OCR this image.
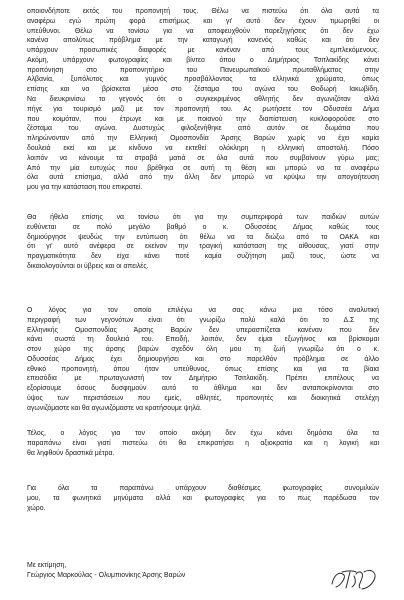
οποιονδήποτε εκτός του προπονητή τους. Θέλω να πιστεύω ότι όλα αυτά τα
αναφέρω εγώ πρώτη φορά επισήμως και γι' αυτό δεν έχουν τιμωρηθεί οι
υπεύθυνοι. Θέλω να τονίσω για να αποφευχθούν παρεξηγήσεις ότι δεν έχω
κανένα απολύτως πρόβλημα με την καταγωγή κανενός καθώς και ότι δεν
υπάρχουν προσωπικές διαφορές με κανέναν από τους εμπλεκόμενους.
Ακόμη, υπάρχουν φωτογραφίες και βίντεο όπου ο Δημήτριος Τσιτλακίδης κάνει
προπόνηση στο προπονητήριο του Πανευρωπαϊκού πρωταθλήματος στην
Αλβανία, ξυπόλυτος και γυμνός προσβάλλοντας τα ελληνικά χρώματα, όπως
επίσης και να βρίσκεται μέσα στο ζέσταμα του αγώνα του Θοδωρή Ιακωβίδη.
Να διευκρινίσω το γεγονός ότι ο συγκεκριμένος αθλητής δεν αγωνιζόταν αλλά
πήγε για τουρισμό μαζί με τον προπονητή του. Ας ρωτήσετε τον Οδυσσέα Δήμα
που κοιμόταν, που έτρωγε και με ποιανού την διαπίστευση κυκλοφορούσε στο
ζέσταμα του αγώνα. Δυστυχώς φιλοξενήθηκε από αυτόν σε δωμάτια που
πληρώνονταν από την Ελληνική Ομοσπονδία Άρσης Βαρών χωρίς να έχει καμία
δουλειά εκεί και με κίνδυνο να εκτεθεί ολόκληρη η ελληνική αποστολή. Πόσο
λοιπόν να κάνουμε τα στραβά ματιά σε όλα αυτά που συμβαίνουν γύρω μας;
Από την μία ευτυχώς που βρέθηκα σε αυτή τη θέση και μπορώ να τα αναφέρω
όλα αυτά επίσημα, αλλά από την άλλη δεν μπορώ να κρύψω την απογοήτευση
μου για την κατάσταση που επικρατεί.
Θα ήθελα επίσης να τονίσω ότι για την συμπεριφορά των παιδιών αυτών
ευθύνεται σε πολύ μεγάλο βαθμό ο κ. Οδυσσέας Δήμας καθώς τους
δημιούργησε ψευδώς την εντύπωση ότι θέλω να τα διώξω από το ΟΑΚΑ και
ότι γι' αυτό ανέφερα σε εκείνον την τραγική κατάσταση της αίθουσας, γιατί στην
πραγματικότητα δεν είχα κάνει ποτέ καμία συζήτηση μαζί τους, ώστε να
δικαιολογούνται οι ύβρεις και οι απειλές.
Ο λόγος για τον οποίο επιλέγω να σας κάνω μια τόσο αναλυτική
περιγραφή των γεγονότων είναι ότι γνωρίζω πολύ καλά ότι το Δ.Σ της
Ελληνικής Ομοσπονδίας Άρσης Βαρών δεν υπερασπίζεται κανέναν που δεν
κάνει σωστά τη δουλειά του. Επειδή, λοιπόν, δεν είμαι εξωγήινος και βρίσκομαι
στον χώρο της άρσης βαρών σχεδόν όλη μου τη ζωή γνωρίζω ότι ο κ.
Οδυσσέας Δήμας έχει δημιουργήσει και στο παρελθόν πρόβλημα σε άλλο
εθνικό προπονητή, όπου ήταν υπεύθυνος, όπως επίσης και για τα βίαια
επεισόδια με πρωταγωνιστή τον Δημήτριο Τσιτλακίδη. Πρέπει επιτέλους να
εξορίσουμε όσους δυσφημούν αυτό το άθλημα και δεν ανταποκρίνονται στο
ύψος των περιστάσεων που εμείς, αθλητές, προπονητές και διοικητικά στελέχη
αγωνιζόμαστε και θα αγωνιζόμαστε να κρατήσουμε ψηλά.
Τέλος, ο λόγος για τον οποίο ακόμη δεν έχω κάνει δημόσια όλα τα
παραπάνω είναι γιατί πιστεύω ότι θα επικρατήσει η αξιοκρατία και η λογική και
θα ληφθούν δραστικά μέτρα.
Για όλα τα παραπάνω υπάρχουν διαθέσιμες φωτογραφίες συνομιλιών
μου, τα φωνητικά μηνύματα αλλά και φωτογραφίες για το πως παρέδωσα τον
χώρο.
Με εκτίμηση,
Γεώργιος Μαρκούλας - Ολυμπιονίκης Άρσης Βαρών
